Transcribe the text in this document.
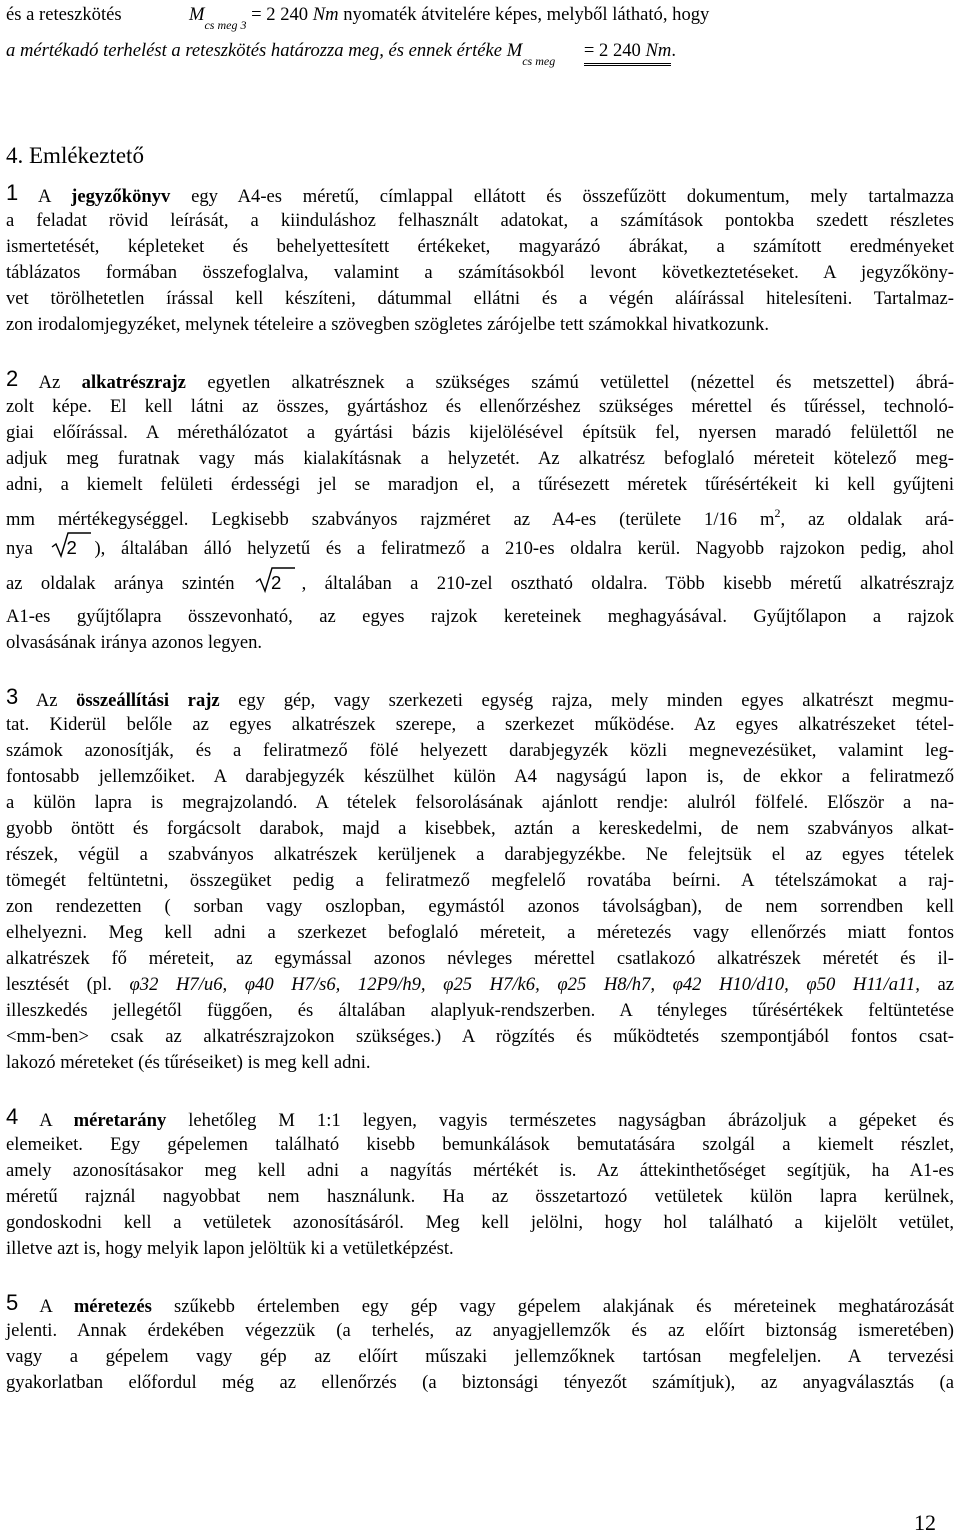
és a reteszkötés	$M_{cs meg 3} = 2$ 240 Nm nyomaték átvitelére képes, melyből látható, hogy
a mértékadó terhelést a reteszkötés határozza meg, és ennek értéke $M_{cs meg} = 2$ 240 Nm.
4. Emlékeztető
1 A jegyzőkönyv egy A4-es méretű, címlappal ellátott és összefűzött dokumentum, mely tartalmazza
a feladat rövid leírását, a kiinduláshoz felhasznált adatokat, a számítások pontokba szedett részletes
ismertetését, képleteket és behelyettesített értékeket, magyarázó ábrákat, a számított eredményeket
táblázatos formában összefoglalva, valamint a számításokból levont következtetéseket. A jegyzőköny-
vet törölhetetlen írással kell készíteni, dátummal ellátni és a végén aláírással hitelesíteni. Tartalmaz-
zon irodalomjegyzéket, melynek tételeire a szövegben szögletes zárójelbe tett számokkal hivatkozunk.
2 Az alkatrészrajz egyetlen alkatrésznek a szükséges számú vetülettel (nézettel és metszettel) ábrá-
zolt képe. El kell látni az összes, gyártáshoz és ellenőrzéshez szükséges mérettel és tűréssel, technoló-
giai előírással. A mérethálózatot a gyártási bázis kijelölésével építsük fel, nyersen maradó felülettől ne
adjuk meg furatnak vagy más kialakításnak a helyzetét. Az alkatrész befoglaló méreteit kötelező meg-
adni, a kiemelt felületi érdességi jel se maradjon el, a tűrésezett méretek tűrésértékeit ki kell gyűjteni
mm mértékegységgel. Legkisebb szabványos rajzméret az A4-es (területe 1/16 $m^2$, az oldalak ará-
nya 2 ), általában álló helyzetű és a feliratmező a 210-es oldalra kerül. Nagyobb rajzokon pedig, ahol
az oldalak aránya szintén 2 , általában a 210-zel osztható oldalra. Több kisebb méretű alkatrészrajz
A1-es gyűjtőlapra összevonható, az egyes rajzok kereteinek meghagyásával. Gyűjtőlapon a rajzok
olvasásának iránya azonos legyen.
3 Az összeállítási rajz egy gép, vagy szerkezeti egység rajza, mely minden egyes alkatrészt megmu-
tat. Kiderül belőle az egyes alkatrészek szerepe, a szerkezet működése. Az egyes alkatrészeket tétel-
számok azonosítják, és a feliratmező fölé helyezett darabjegyzék közli megnevezésüket, valamint leg-
fontosabb jellemzőiket. A darabjegyzék készülhet külön A4 nagyságú lapon is, de ekkor a feliratmező
a külön lapra is megrajzolandó. A tételek felsorolásának ajánlott rendje: alulról fölfelé. Először a na-
gyobb öntött és forgácsolt darabok, majd a kisebbek, aztán a kereskedelmi, de nem szabványos alkat-
részek, végül a szabványos alkatrészek kerüljenek a darabjegyzékbe. Ne felejtsük el az egyes tételek
tömegét feltüntetni, összegüket pedig a feliratmező megfelelő rovatába beírni. A tételszámokat a raj-
zon rendezetten ( sorban vagy oszlopban, egymástól azonos távolságban), de nem sorrendben kell
elhelyezni. Meg kell adni a szerkezet befoglaló méreteit, a méretezés vagy ellenőrzés miatt fontos
alkatrészek fő méreteit, az egymással azonos névleges mérettel csatlakozó alkatrészek méretét és il-
lesztését (pl. φ32 H7/u6, φ40 H7/s6, 12P9/h9, φ25 H7/k6, φ25 H8/h7, φ42 H10/d10, φ50 H11/a11, az
illeszkedés jellegétől függően, és általában alaplyuk-rendszerben. A tényleges tűrésértékek feltüntetése
<mm-ben> csak az alkatrészrajzokon szükséges.) A rögzítés és működtetés szempontjából fontos csat-
lakozó méreteket (és tűréseiket) is meg kell adni.
4 A méretarány lehetőleg M 1:1 legyen, vagyis természetes nagyságban ábrázoljuk a gépeket és
elemeiket. Egy gépelemen található kisebb bemunkálások bemutatására szolgál a kiemelt részlet,
amely azonosításakor meg kell adni a nagyítás mértékét is. Az áttekinthetőséget segítjük, ha A1-es
méretű rajznál nagyobbat nem használunk. Ha az összetartozó vetületek külön lapra kerülnek,
gondoskodni kell a vetületek azonosításáról. Meg kell jelölni, hogy hol található a kijelölt vetület,
illetve azt is, hogy melyik lapon jelöltük ki a vetületképzést.
5 A méretezés szűkebb értelemben egy gép vagy gépelem alakjának és méreteinek meghatározását
jelenti. Annak érdekében végezzük (a terhelés, az anyagjellemzők és az előírt biztonság ismeretében)
vagy a gépelem vagy gép az előírt műszaki jellemzőknek tartósan megfeleljen. A tervezési
gyakorlatban előfordul még az ellenőrzés (a biztonsági tényezőt számítjuk), az anyagválasztás (a
12
